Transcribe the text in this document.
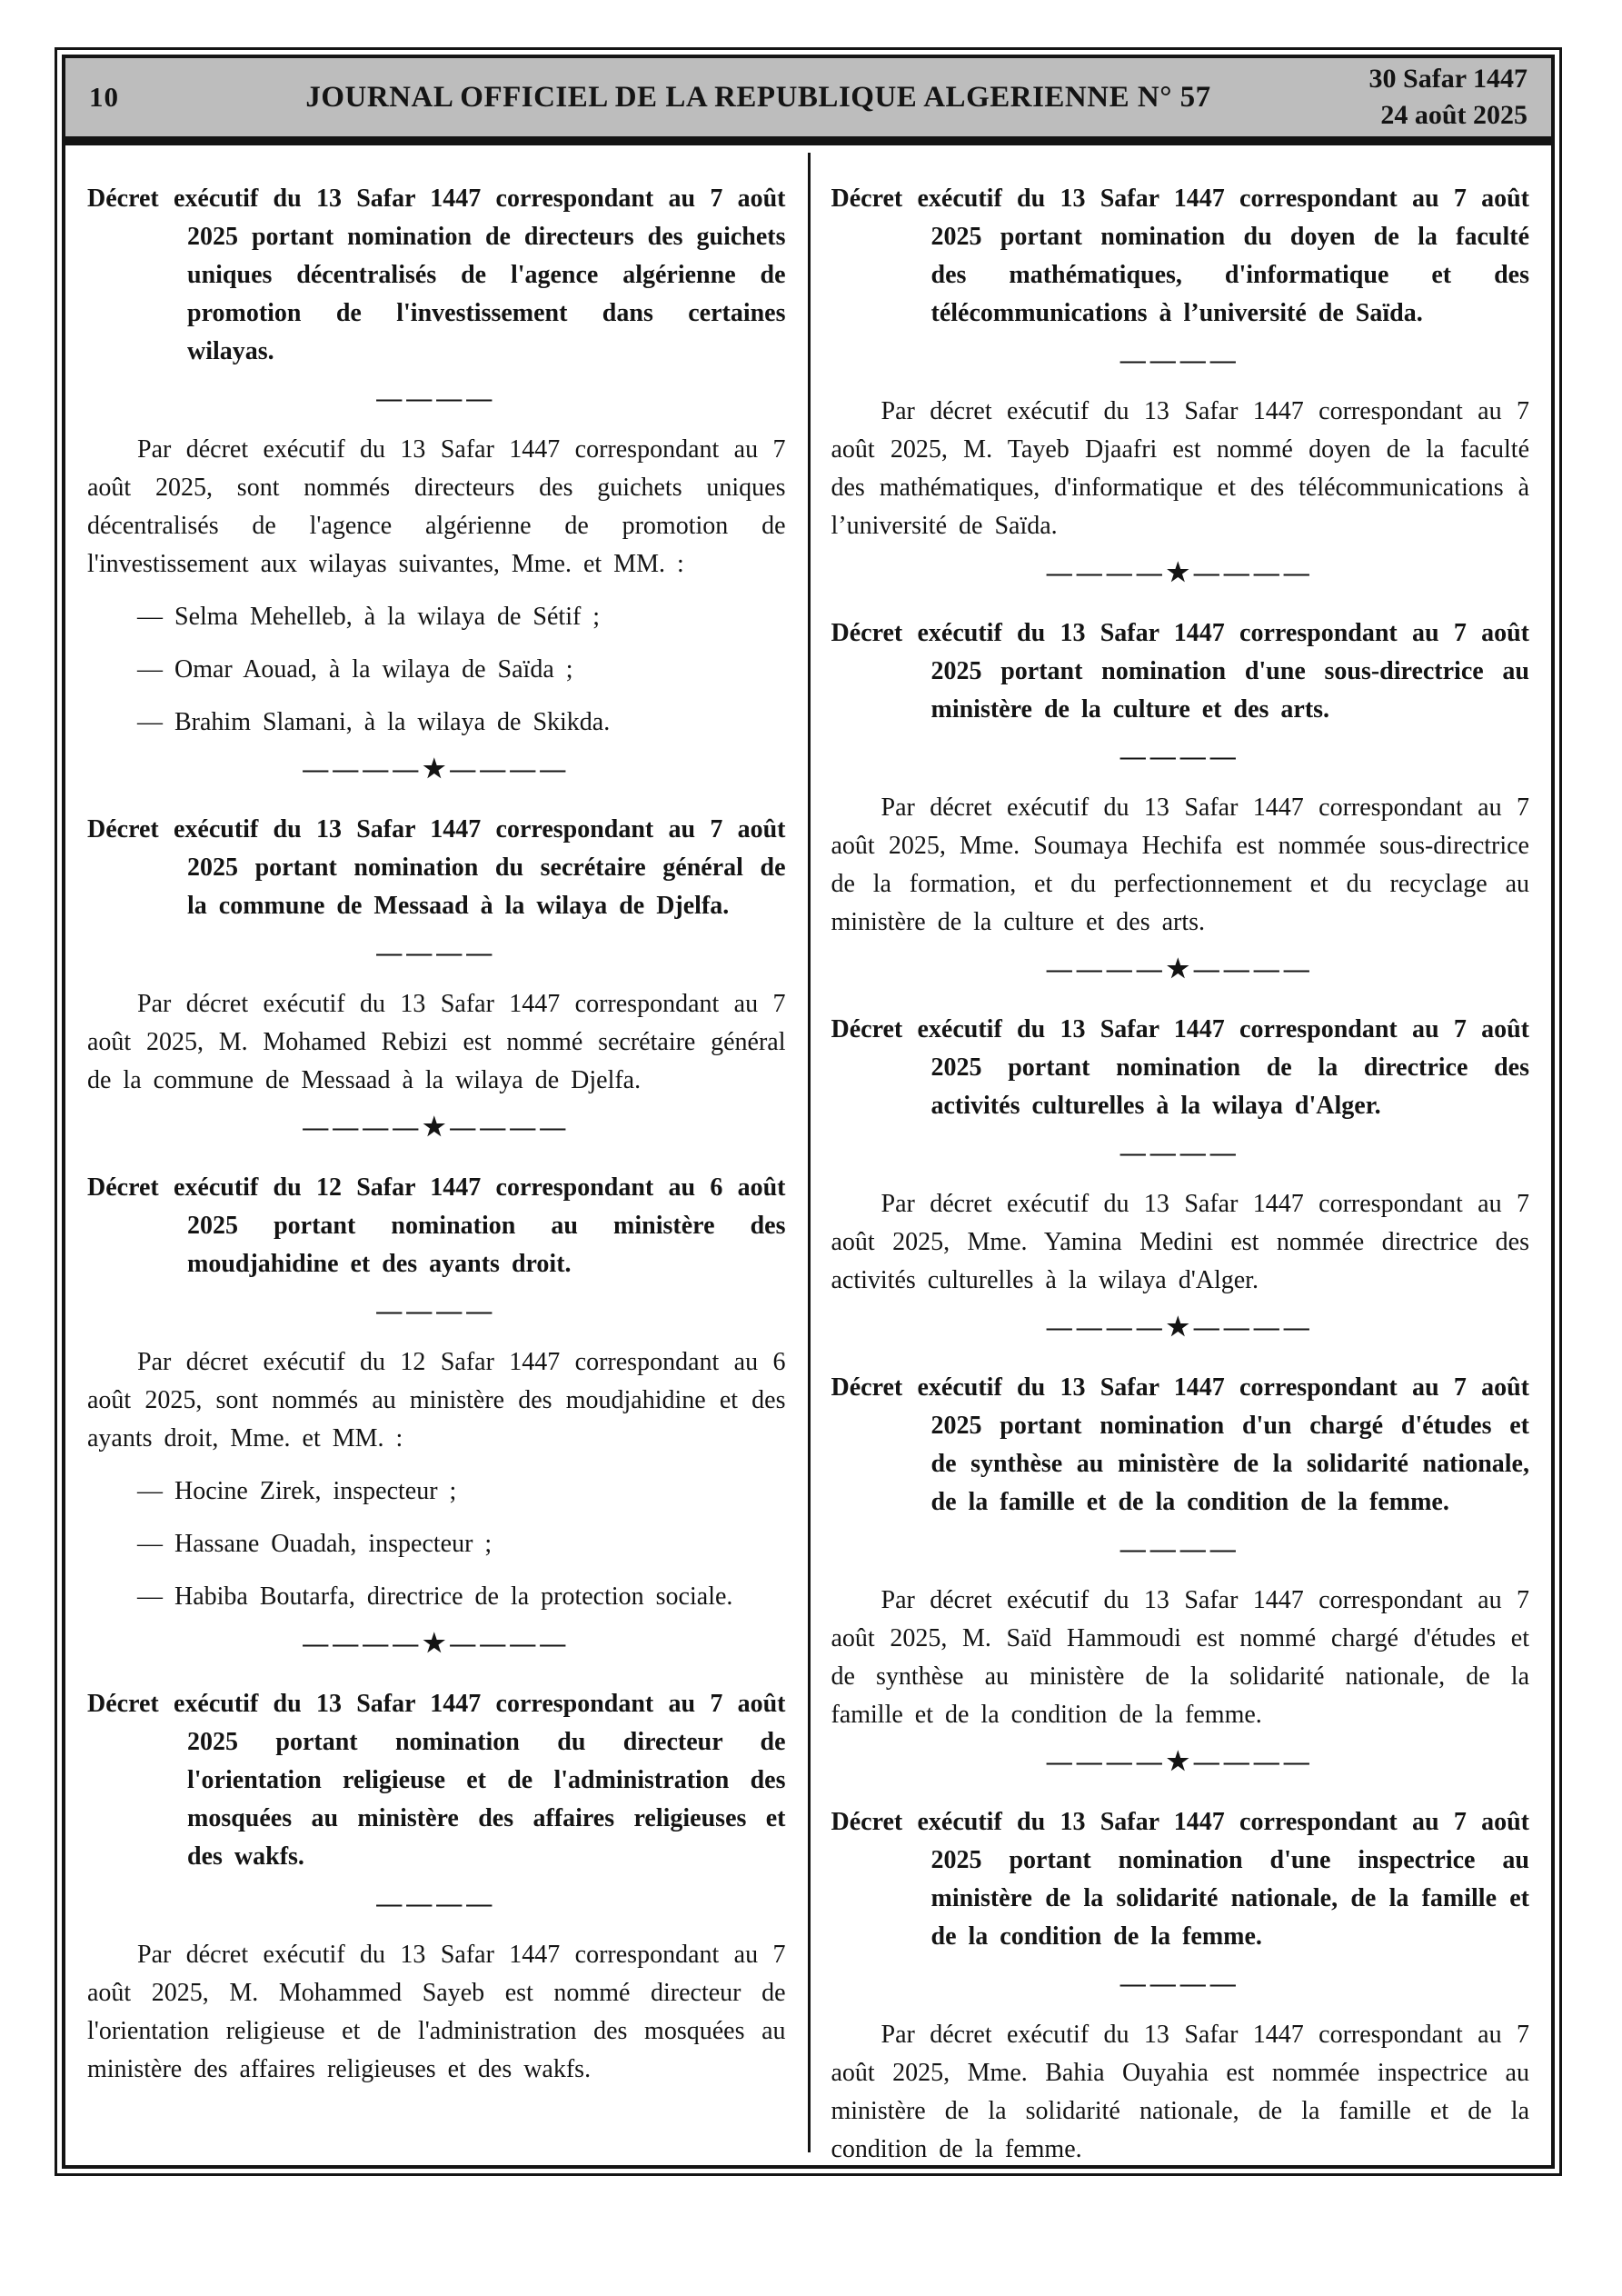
10	JOURNAL OFFICIEL DE LA REPUBLIQUE ALGERIENNE N° 57
30 Safar 1447
24 août 2025
Décret exécutif du 13 Safar 1447 correspondant au 7 août 2025 portant nomination de directeurs des guichets uniques décentralisés de l'agence algérienne de promotion de l'investissement dans certaines wilayas.
————

Par décret exécutif du 13 Safar 1447 correspondant au 7 août 2025, sont nommés directeurs des guichets uniques décentralisés de l'agence algérienne de promotion de l'investissement aux wilayas suivantes, Mme. et MM. :

— Selma Mehelleb, à la wilaya de Sétif ;

— Omar Aouad, à la wilaya de Saïda ;

— Brahim Slamani, à la wilaya de Skikda.

————★————
Décret exécutif du 13 Safar 1447 correspondant au 7 août 2025 portant nomination du secrétaire général de la commune de Messaad à la wilaya de Djelfa.
————

Par décret exécutif du 13 Safar 1447 correspondant au 7 août 2025, M. Mohamed Rebizi est nommé secrétaire général de la commune de Messaad à la wilaya de Djelfa.

————★————
Décret exécutif du 12 Safar 1447 correspondant au 6 août 2025 portant nomination au ministère des moudjahidine et des ayants droit.
————

Par décret exécutif du 12 Safar 1447 correspondant au 6 août 2025, sont nommés au ministère des moudjahidine et des ayants droit, Mme. et MM. :

— Hocine Zirek, inspecteur ;

— Hassane Ouadah, inspecteur ;

— Habiba Boutarfa, directrice de la protection sociale.

————★————
Décret exécutif du 13 Safar 1447 correspondant au 7 août 2025 portant nomination du directeur de l'orientation religieuse et de l'administration des mosquées au ministère des affaires religieuses et des wakfs.
————

Par décret exécutif du 13 Safar 1447 correspondant au 7 août 2025, M. Mohammed Sayeb est nommé directeur de l'orientation religieuse et de l'administration des mosquées au ministère des affaires religieuses et des wakfs.

Décret exécutif du 13 Safar 1447 correspondant au 7 août 2025 portant nomination du doyen de la faculté des mathématiques, d'informatique et des télécommunications à l’université de Saïda.
————

Par décret exécutif du 13 Safar 1447 correspondant au 7 août 2025, M. Tayeb Djaafri est nommé doyen de la faculté des mathématiques, d'informatique et des télécommunications à l’université de Saïda.

————★————
Décret exécutif du 13 Safar 1447 correspondant au 7 août 2025 portant nomination d'une sous-directrice au ministère de la culture et des arts.
————

Par décret exécutif du 13 Safar 1447 correspondant au 7 août 2025, Mme. Soumaya Hechifa est nommée sous-directrice de la formation, et du perfectionnement et du recyclage au ministère de la culture et des arts.

————★————
Décret exécutif du 13 Safar 1447 correspondant au 7 août 2025 portant nomination de la directrice des activités culturelles à la wilaya d'Alger.
————

Par décret exécutif du 13 Safar 1447 correspondant au 7 août 2025, Mme. Yamina Medini est nommée directrice des activités culturelles à la wilaya d'Alger.

————★————
Décret exécutif du 13 Safar 1447 correspondant au 7 août 2025 portant nomination d'un chargé d'études et de synthèse au ministère de la solidarité nationale, de la famille et de la condition de la femme.
————

Par décret exécutif du 13 Safar 1447 correspondant au 7 août 2025, M. Saïd Hammoudi est nommé chargé d'études et de synthèse au ministère de la solidarité nationale, de la famille et de la condition de la femme.

————★————
Décret exécutif du 13 Safar 1447 correspondant au 7 août 2025 portant nomination d'une inspectrice au ministère de la solidarité nationale, de la famille et de la condition de la femme.
————

Par décret exécutif du 13 Safar 1447 correspondant au 7 août 2025, Mme. Bahia Ouyahia est nommée inspectrice au ministère de la solidarité nationale, de la famille et de la condition de la femme.
